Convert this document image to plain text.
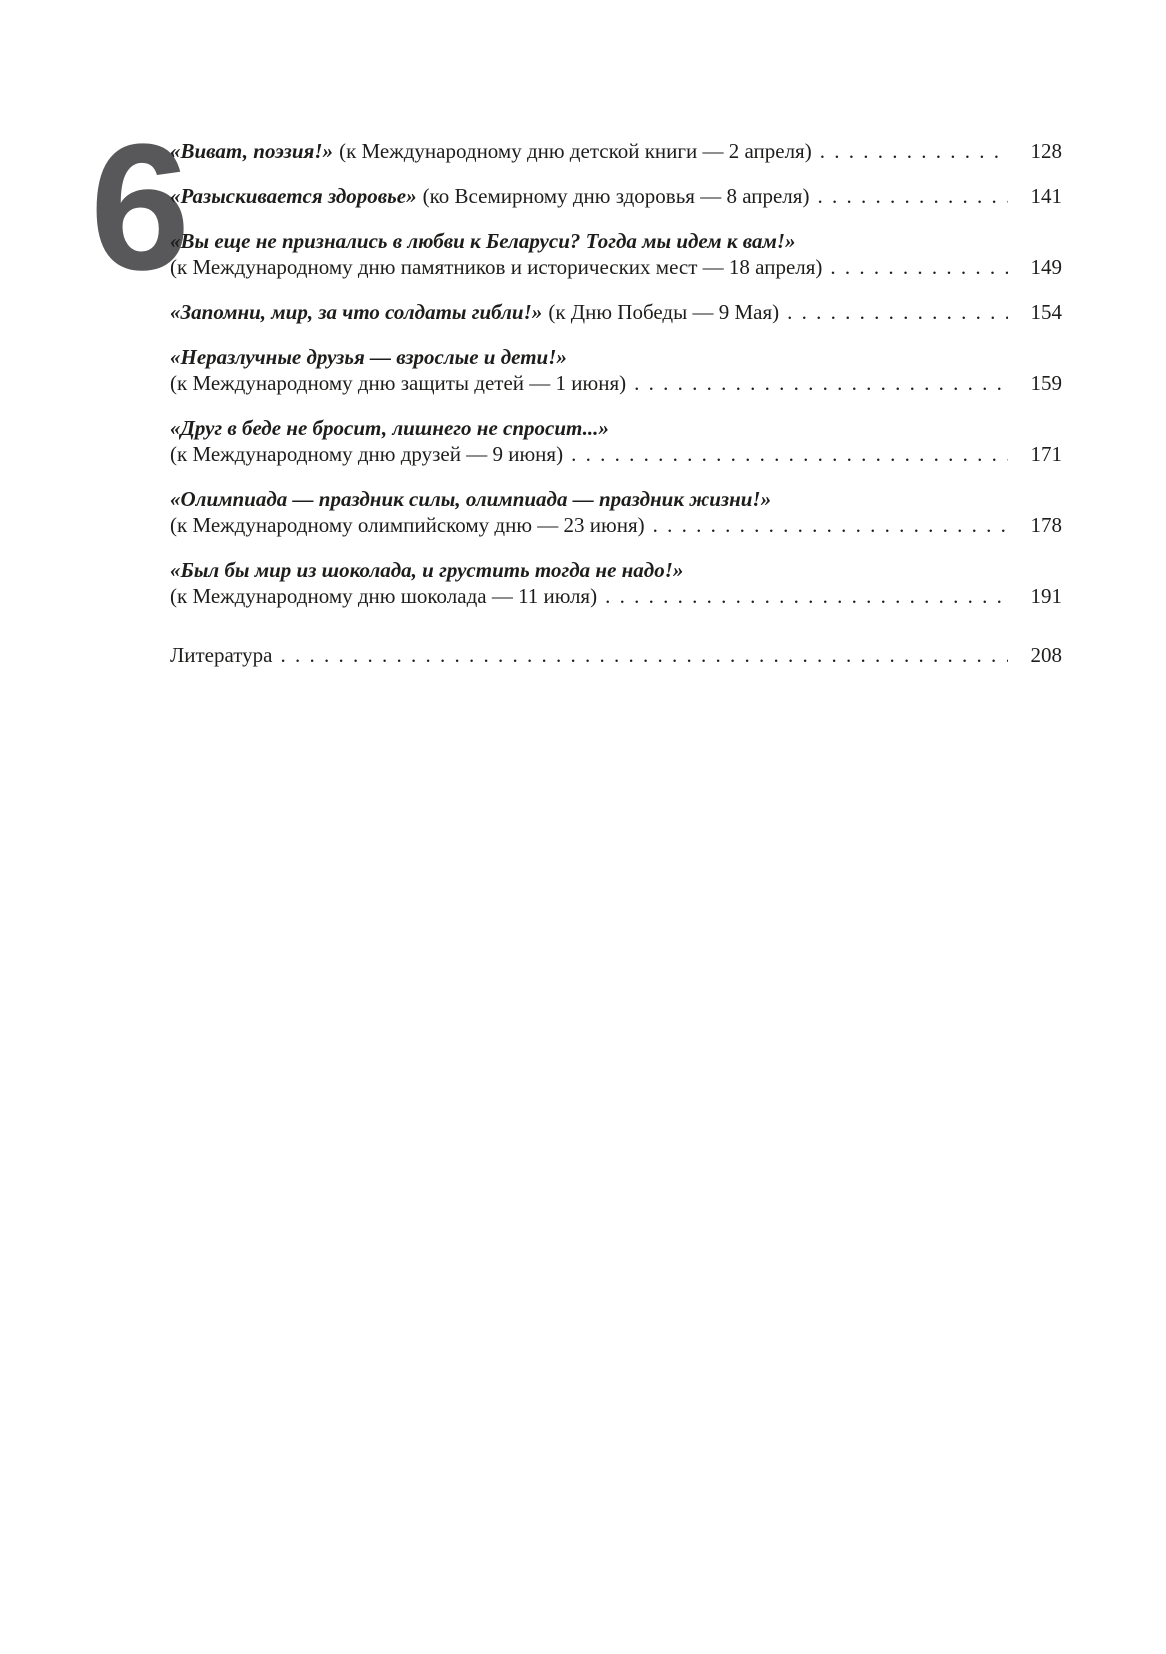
6
«Виват, поэзия!» (к Международному дню детской книги — 2 апреля) . . .	128
«Разыскивается здоровье» (ко Всемирному дню здоровья — 8 апреля) . . .	141
«Вы еще не признались в любви к Беларуси? Тогда мы идем к вам!»
(к Международному дню памятников и исторических мест — 18 апреля) . . .	149
«Запомни, мир, за что солдаты гибли!» (к Дню Победы — 9 Мая) . . .	154
«Неразлучные друзья — взрослые и дети!»
(к Международному дню защиты детей — 1 июня) . . .	159
«Друг в беде не бросит, лишнего не спросит...»
(к Международному дню друзей — 9 июня) . . .	171
«Олимпиада — праздник силы, олимпиада — праздник жизни!»
(к Международному олимпийскому дню — 23 июня) . . .	178
«Был бы мир из шоколада, и грустить тогда не надо!»
(к Международному дню шоколада — 11 июля) . . .	191
Литература . . .	208
